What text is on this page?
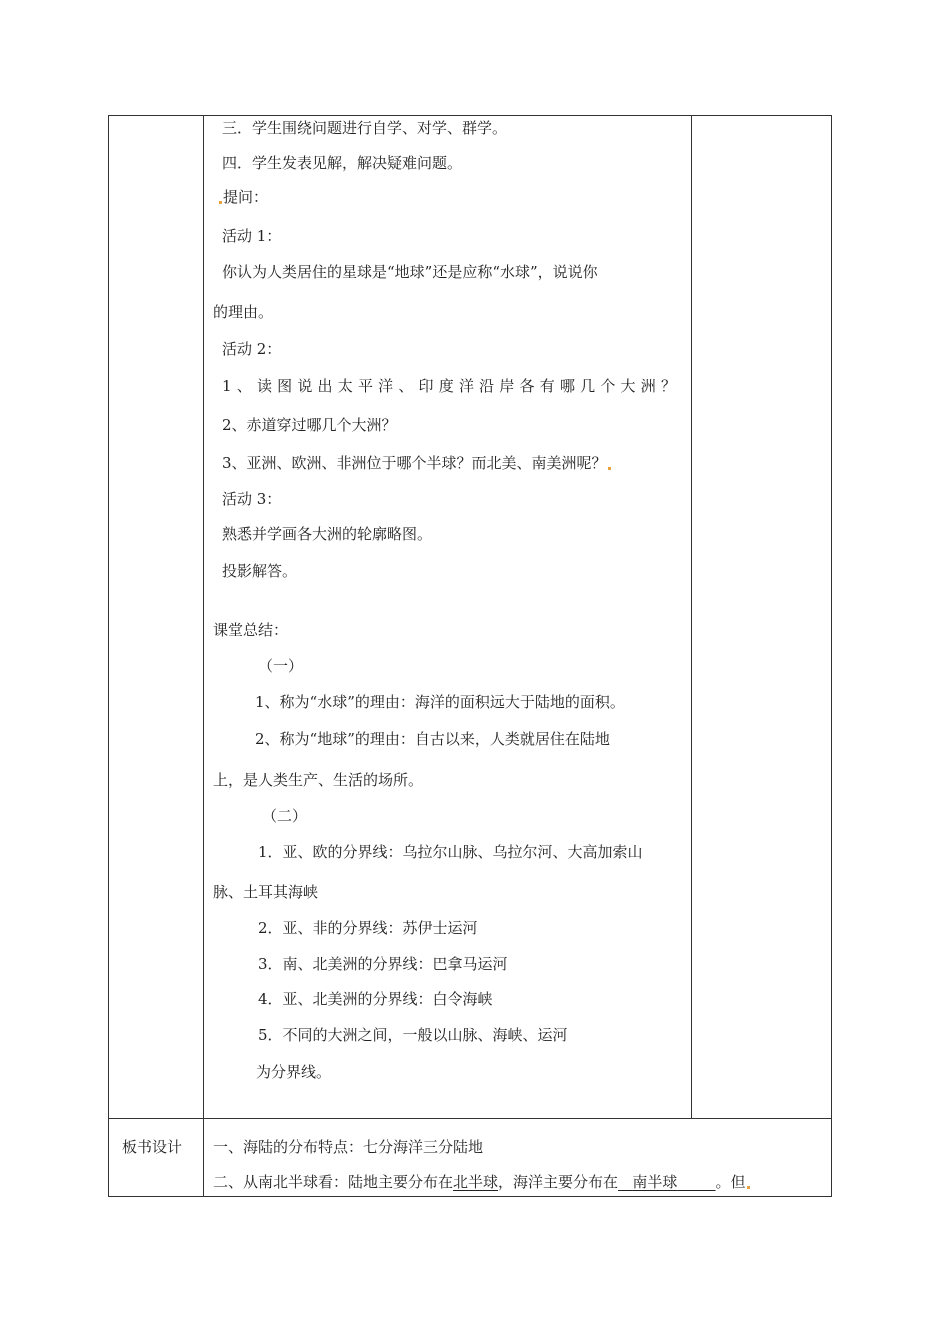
三．学生围绕问题进行自学、对学、群学。
四．学生发表见解，解决疑难问题。
提问：
活动 1：
你认为人类居住的星球是“地球”还是应称“水球”，说说你
的理由。
活动 2：
1、读图说出太平洋、印度洋沿岸各有哪几个大洲？
2、赤道穿过哪几个大洲？
3、亚洲、欧洲、非洲位于哪个半球？而北美、南美洲呢？
活动 3：
熟悉并学画各大洲的轮廓略图。
投影解答。
课堂总结：
（一）
1、称为“水球”的理由：海洋的面积远大于陆地的面积。
2、称为“地球”的理由：自古以来，人类就居住在陆地
上，是人类生产、生活的场所。
（二）
1．亚、欧的分界线：乌拉尔山脉、乌拉尔河、大高加索山
脉、土耳其海峡
2．亚、非的分界线：苏伊士运河
3．南、北美洲的分界线：巴拿马运河
4．亚、北美洲的分界线：白令海峡
5．不同的大洲之间，一般以山脉、海峡、运河
为分界线。
板书设计 一、海陆的分布特点：七分海洋三分陆地
二、从南北半球看：陆地主要分布在北半球，海洋主要分布在 南半球	。但
